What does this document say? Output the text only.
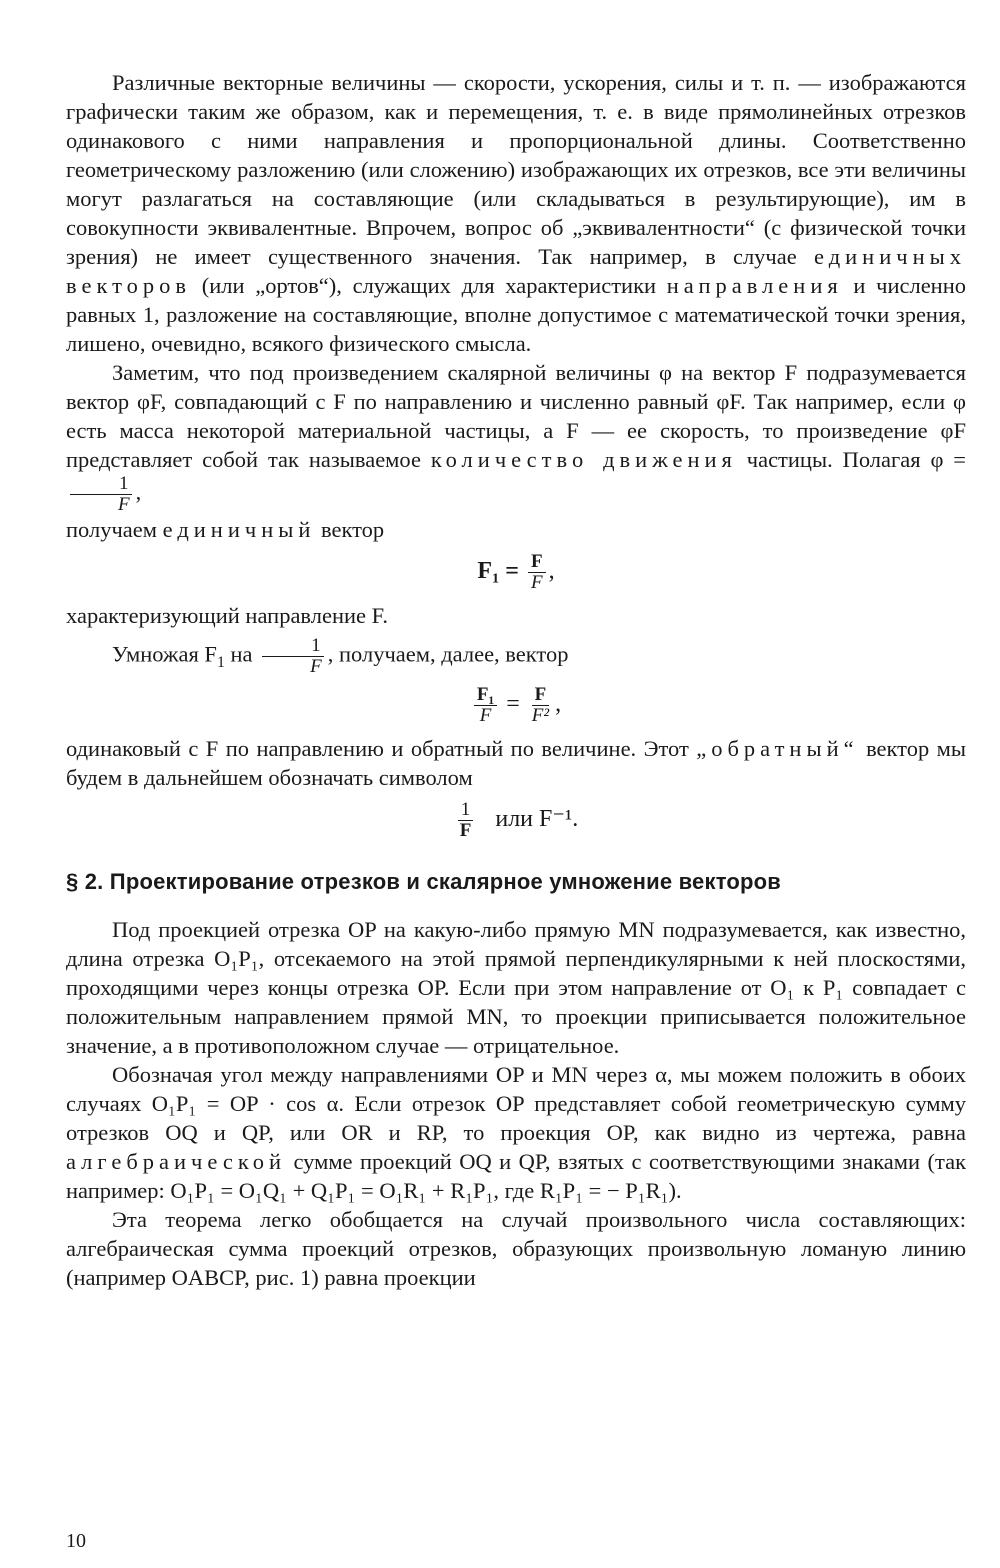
Различные векторные величины — скорости, ускорения, силы и т. п. — изображаются графически таким же образом, как и перемещения, т. е. в виде прямолинейных отрезков одинакового с ними направления и пропорциональной длины. Соответственно геометрическому разложению (или сложению) изображающих их отрезков, все эти величины могут разлагаться на составляющие (или складываться в результирующие), им в совокупности эквивалентные. Впрочем, вопрос об „эквивалентности“ (с физической точки зрения) не имеет существенного значения. Так например, в случае единичных векторов (или „ортов“), служащих для характеристики направления и численно равных 1, разложение на составляющие, вполне допустимое с математической точки зрения, лишено, очевидно, всякого физического смысла.

Заметим, что под произведением скалярной величины φ на вектор F подразумевается вектор φF, совпадающий с F по направлению и численно равный φF. Так например, если φ есть масса некоторой материальной частицы, а F — ее скорость, то произведение φF представляет собой так называемое количество движения частицы. Полагая φ =
$\frac{1}{F}$ ,

получаем единичный вектор

$F_1 = \frac{F}{F}$ ,

характеризующий направление F.

Умножая $F_1$ на $\frac{1}{F}$ , получаем, далее, вектор

$\frac{\text{F₁}}{F} = \frac{F}{\text{F²}}$ ,

одинаковый с F по направлению и обратный по величине. Этот „обратный“ вектор мы будем в дальнейшем обозначать символом

$\frac{1}{F}$ или F⁻¹.
§ 2. Проектирование отрезков и скалярное умножение векторов

Под проекцией отрезка OP на какую-либо прямую MN подразумевается, как известно, длина отрезка O₁P₁, отсекаемого на этой прямой перпендикулярными к ней плоскостями, проходящими через концы отрезка OP. Если при этом направление от O₁ к P₁ совпадает с положительным направлением прямой MN, то проекции приписывается положительное значение, а в противоположном случае — отрицательное.

Обозначая угол между направлениями OP и MN через α, мы можем положить в обоих случаях O₁P₁ = OP · cos α. Если отрезок OP представляет собой геометрическую сумму отрезков OQ и QP, или OR и RP, то проекция OP, как видно из чертежа, равна алгебраической сумме проекций OQ и QP, взятых с соответствующими знаками (так например: O₁P₁ = O₁Q₁ + Q₁P₁ = O₁R₁ + R₁P₁, где R₁P₁ = − P₁R₁).

Эта теорема легко обобщается на случай произвольного числа составляющих: алгебраическая сумма проекций отрезков, образующих произвольную ломаную линию (например OABCP, рис. 1) равна проекции

10
